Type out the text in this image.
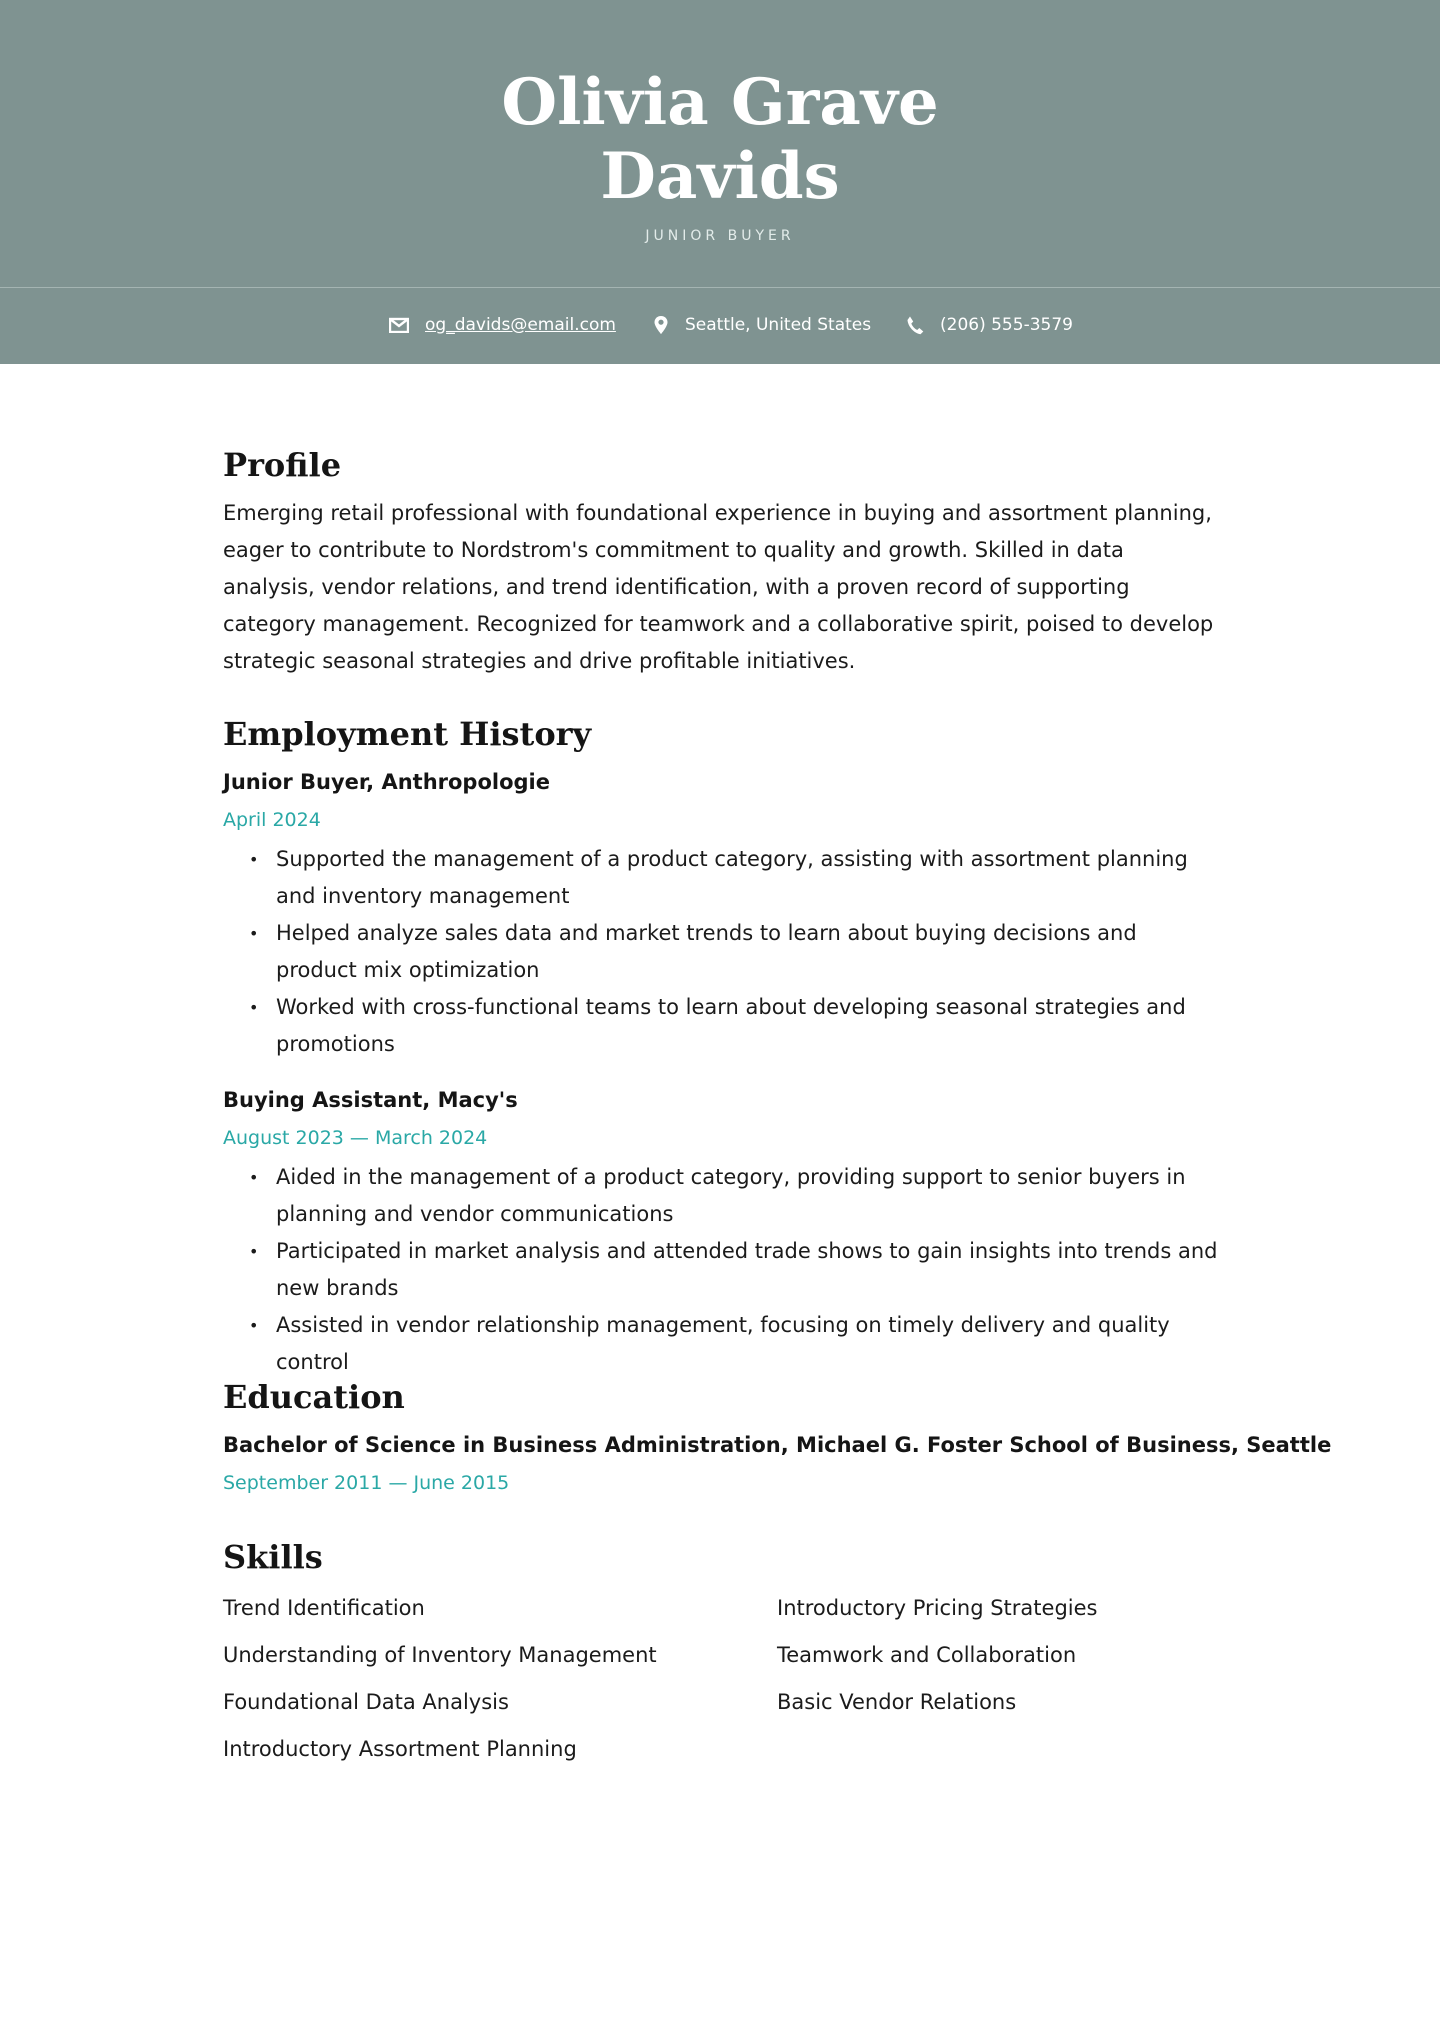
Olivia Grave
Davids
JUNIOR BUYER
og_davids@email.com	Seattle, United States	(206) 555-3579
Profile

Emerging retail professional with foundational experience in buying and assortment planning, eager to contribute to Nordstrom's commitment to quality and growth. Skilled in data analysis, vendor relations, and trend identification, with a proven record of supporting category management. Recognized for teamwork and a collaborative spirit, poised to develop strategic seasonal strategies and drive profitable initiatives.

Employment History
Junior Buyer, Anthropologie
April 2024
• Supported the management of a product category, assisting with assortment planning and inventory management
• Helped analyze sales data and market trends to learn about buying decisions and product mix optimization
• Worked with cross-functional teams to learn about developing seasonal strategies and promotions
Buying Assistant, Macy's
August 2023 — March 2024
• Aided in the management of a product category, providing support to senior buyers in planning and vendor communications
• Participated in market analysis and attended trade shows to gain insights into trends and new brands
• Assisted in vendor relationship management, focusing on timely delivery and quality control
Education
Bachelor of Science in Business Administration, Michael G. Foster School of Business, Seattle
September 2011 — June 2015
Skills
Trend Identification
Understanding of Inventory Management
Foundational Data Analysis
Introductory Assortment Planning
Introductory Pricing Strategies
Teamwork and Collaboration
Basic Vendor Relations
